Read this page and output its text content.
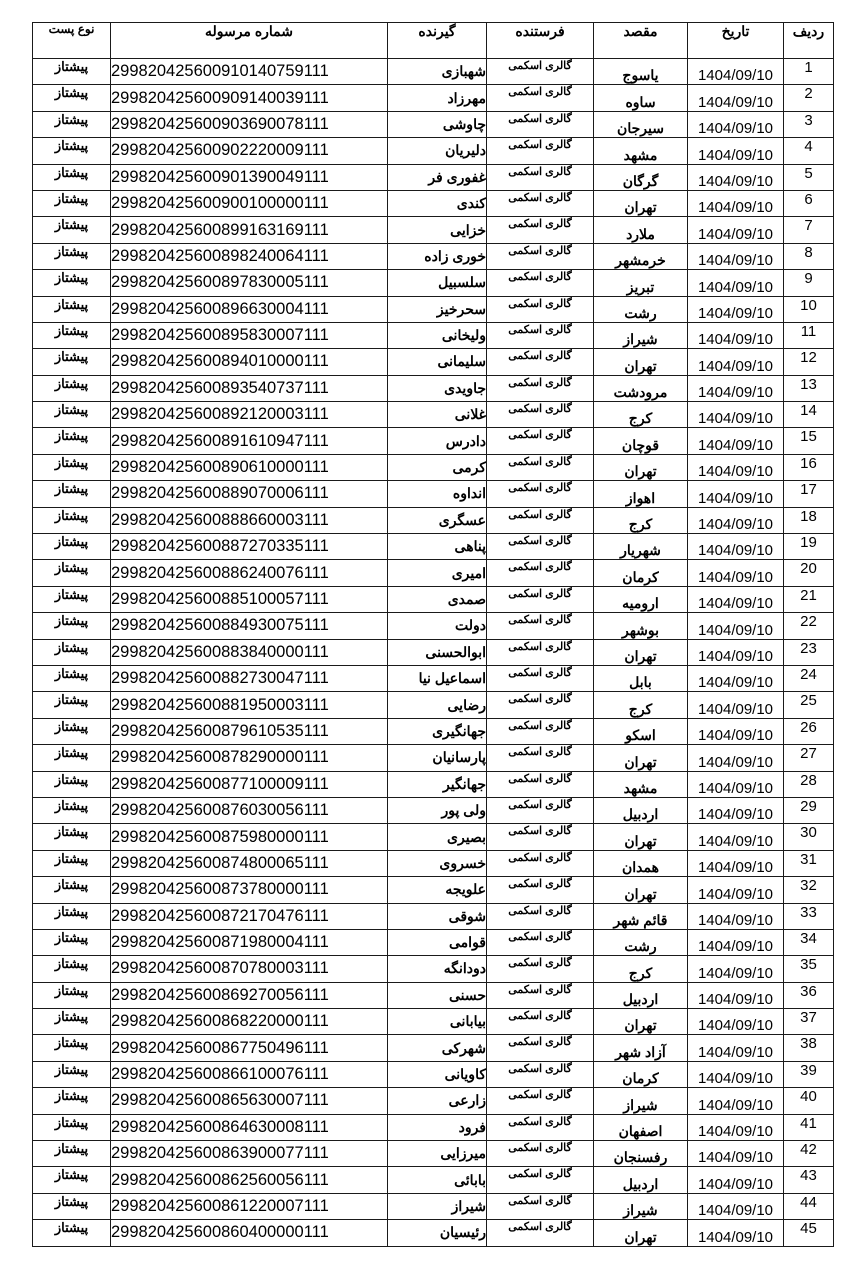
ردیف	تاریخ	مقصد	فرستنده	گیرنده	شماره مرسوله	نوع پست
1	1404/09/10	یاسوج	گالری اسکمی	شهبازی	299820425600910140759111	پیشتاز
2	1404/09/10	ساوه	گالری اسکمی	مهرزاد	299820425600909140039111	پیشتاز
3	1404/09/10	سیرجان	گالری اسکمی	چاوشی	299820425600903690078111	پیشتاز
4	1404/09/10	مشهد	گالری اسکمی	دلیریان	299820425600902220009111	پیشتاز
5	1404/09/10	گرگان	گالری اسکمی	غفوری فر	299820425600901390049111	پیشتاز
6	1404/09/10	تهران	گالری اسکمی	کندی	299820425600900100000111	پیشتاز
7	1404/09/10	ملارد	گالری اسکمی	خزایی	299820425600899163169111	پیشتاز
8	1404/09/10	خرمشهر	گالری اسکمی	خوری زاده	299820425600898240064111	پیشتاز
9	1404/09/10	تبریز	گالری اسکمی	سلسبیل	299820425600897830005111	پیشتاز
10	1404/09/10	رشت	گالری اسکمی	سحرخیز	299820425600896630004111	پیشتاز
11	1404/09/10	شیراز	گالری اسکمی	ولیخانی	299820425600895830007111	پیشتاز
12	1404/09/10	تهران	گالری اسکمی	سلیمانی	299820425600894010000111	پیشتاز
13	1404/09/10	مرودشت	گالری اسکمی	جاویدی	299820425600893540737111	پیشتاز
14	1404/09/10	کرج	گالری اسکمی	غلانی	299820425600892120003111	پیشتاز
15	1404/09/10	قوچان	گالری اسکمی	دادرس	299820425600891610947111	پیشتاز
16	1404/09/10	تهران	گالری اسکمی	کرمی	299820425600890610000111	پیشتاز
17	1404/09/10	اهواز	گالری اسکمی	انداوه	299820425600889070006111	پیشتاز
18	1404/09/10	کرج	گالری اسکمی	عسگری	299820425600888660003111	پیشتاز
19	1404/09/10	شهریار	گالری اسکمی	پناهی	299820425600887270335111	پیشتاز
20	1404/09/10	کرمان	گالری اسکمی	امیری	299820425600886240076111	پیشتاز
21	1404/09/10	ارومیه	گالری اسکمی	صمدی	299820425600885100057111	پیشتاز
22	1404/09/10	بوشهر	گالری اسکمی	دولت	299820425600884930075111	پیشتاز
23	1404/09/10	تهران	گالری اسکمی	ابوالحسنی	299820425600883840000111	پیشتاز
24	1404/09/10	بابل	گالری اسکمی	اسماعیل نیا	299820425600882730047111	پیشتاز
25	1404/09/10	کرج	گالری اسکمی	رضایی	299820425600881950003111	پیشتاز
26	1404/09/10	اسکو	گالری اسکمی	جهانگیری	299820425600879610535111	پیشتاز
27	1404/09/10	تهران	گالری اسکمی	پارسانیان	299820425600878290000111	پیشتاز
28	1404/09/10	مشهد	گالری اسکمی	جهانگیر	299820425600877100009111	پیشتاز
29	1404/09/10	اردبیل	گالری اسکمی	ولی پور	299820425600876030056111	پیشتاز
30	1404/09/10	تهران	گالری اسکمی	بصیری	299820425600875980000111	پیشتاز
31	1404/09/10	همدان	گالری اسکمی	خسروی	299820425600874800065111	پیشتاز
32	1404/09/10	تهران	گالری اسکمی	علویجه	299820425600873780000111	پیشتاز
33	1404/09/10	قائم شهر	گالری اسکمی	شوقی	299820425600872170476111	پیشتاز
34	1404/09/10	رشت	گالری اسکمی	قوامی	299820425600871980004111	پیشتاز
35	1404/09/10	کرج	گالری اسکمی	دودانگه	299820425600870780003111	پیشتاز
36	1404/09/10	اردبیل	گالری اسکمی	حسنی	299820425600869270056111	پیشتاز
37	1404/09/10	تهران	گالری اسکمی	بیابانی	299820425600868220000111	پیشتاز
38	1404/09/10	آزاد شهر	گالری اسکمی	شهرکی	299820425600867750496111	پیشتاز
39	1404/09/10	کرمان	گالری اسکمی	کاویانی	299820425600866100076111	پیشتاز
40	1404/09/10	شیراز	گالری اسکمی	زارعی	299820425600865630007111	پیشتاز
41	1404/09/10	اصفهان	گالری اسکمی	فرود	299820425600864630008111	پیشتاز
42	1404/09/10	رفسنجان	گالری اسکمی	میرزایی	299820425600863900077111	پیشتاز
43	1404/09/10	اردبیل	گالری اسکمی	بابائی	299820425600862560056111	پیشتاز
44	1404/09/10	شیراز	گالری اسکمی	شیراز	299820425600861220007111	پیشتاز
45	1404/09/10	تهران	گالری اسکمی	رئیسیان	299820425600860400000111	پیشتاز
